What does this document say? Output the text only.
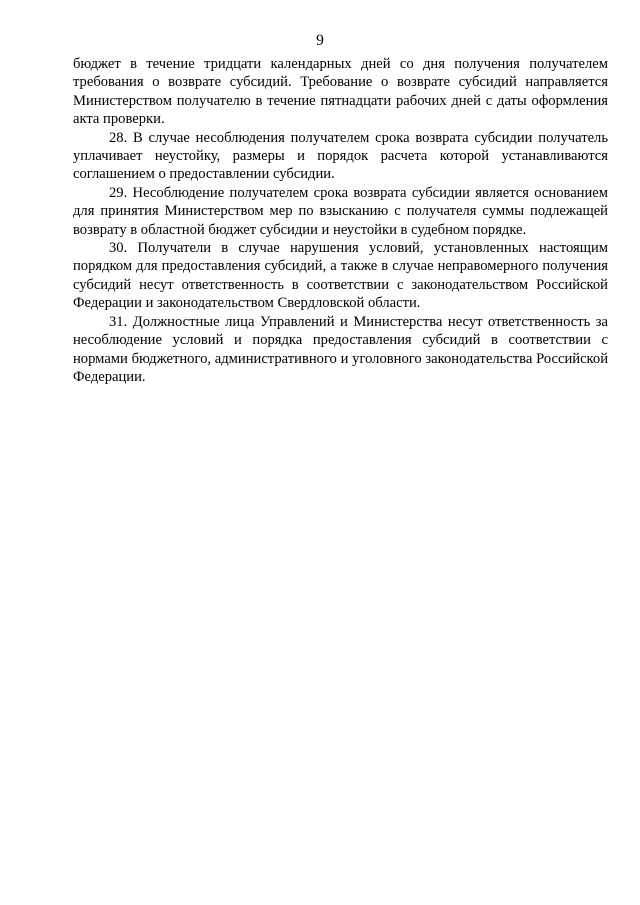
9

бюджет в течение тридцати календарных дней со дня получения получателем требования о возврате субсидий. Требование о возврате субсидий направляется Министерством получателю в течение пятнадцати рабочих дней с даты оформления акта проверки.

28. В случае несоблюдения получателем срока возврата субсидии получатель уплачивает неустойку, размеры и порядок расчета которой устанавливаются соглашением о предоставлении субсидии.

29. Несоблюдение получателем срока возврата субсидии является основанием для принятия Министерством мер по взысканию с получателя суммы подлежащей возврату в областной бюджет субсидии и неустойки в судебном порядке.

30. Получатели в случае нарушения условий, установленных настоящим порядком для предоставления субсидий, а также в случае неправомерного получения субсидий несут ответственность в соответствии с законодательством Российской Федерации и законодательством Свердловской области.

31. Должностные лица Управлений и Министерства несут ответственность за несоблюдение условий и порядка предоставления субсидий в соответствии с нормами бюджетного, административного и уголовного законодательства Российской Федерации.
